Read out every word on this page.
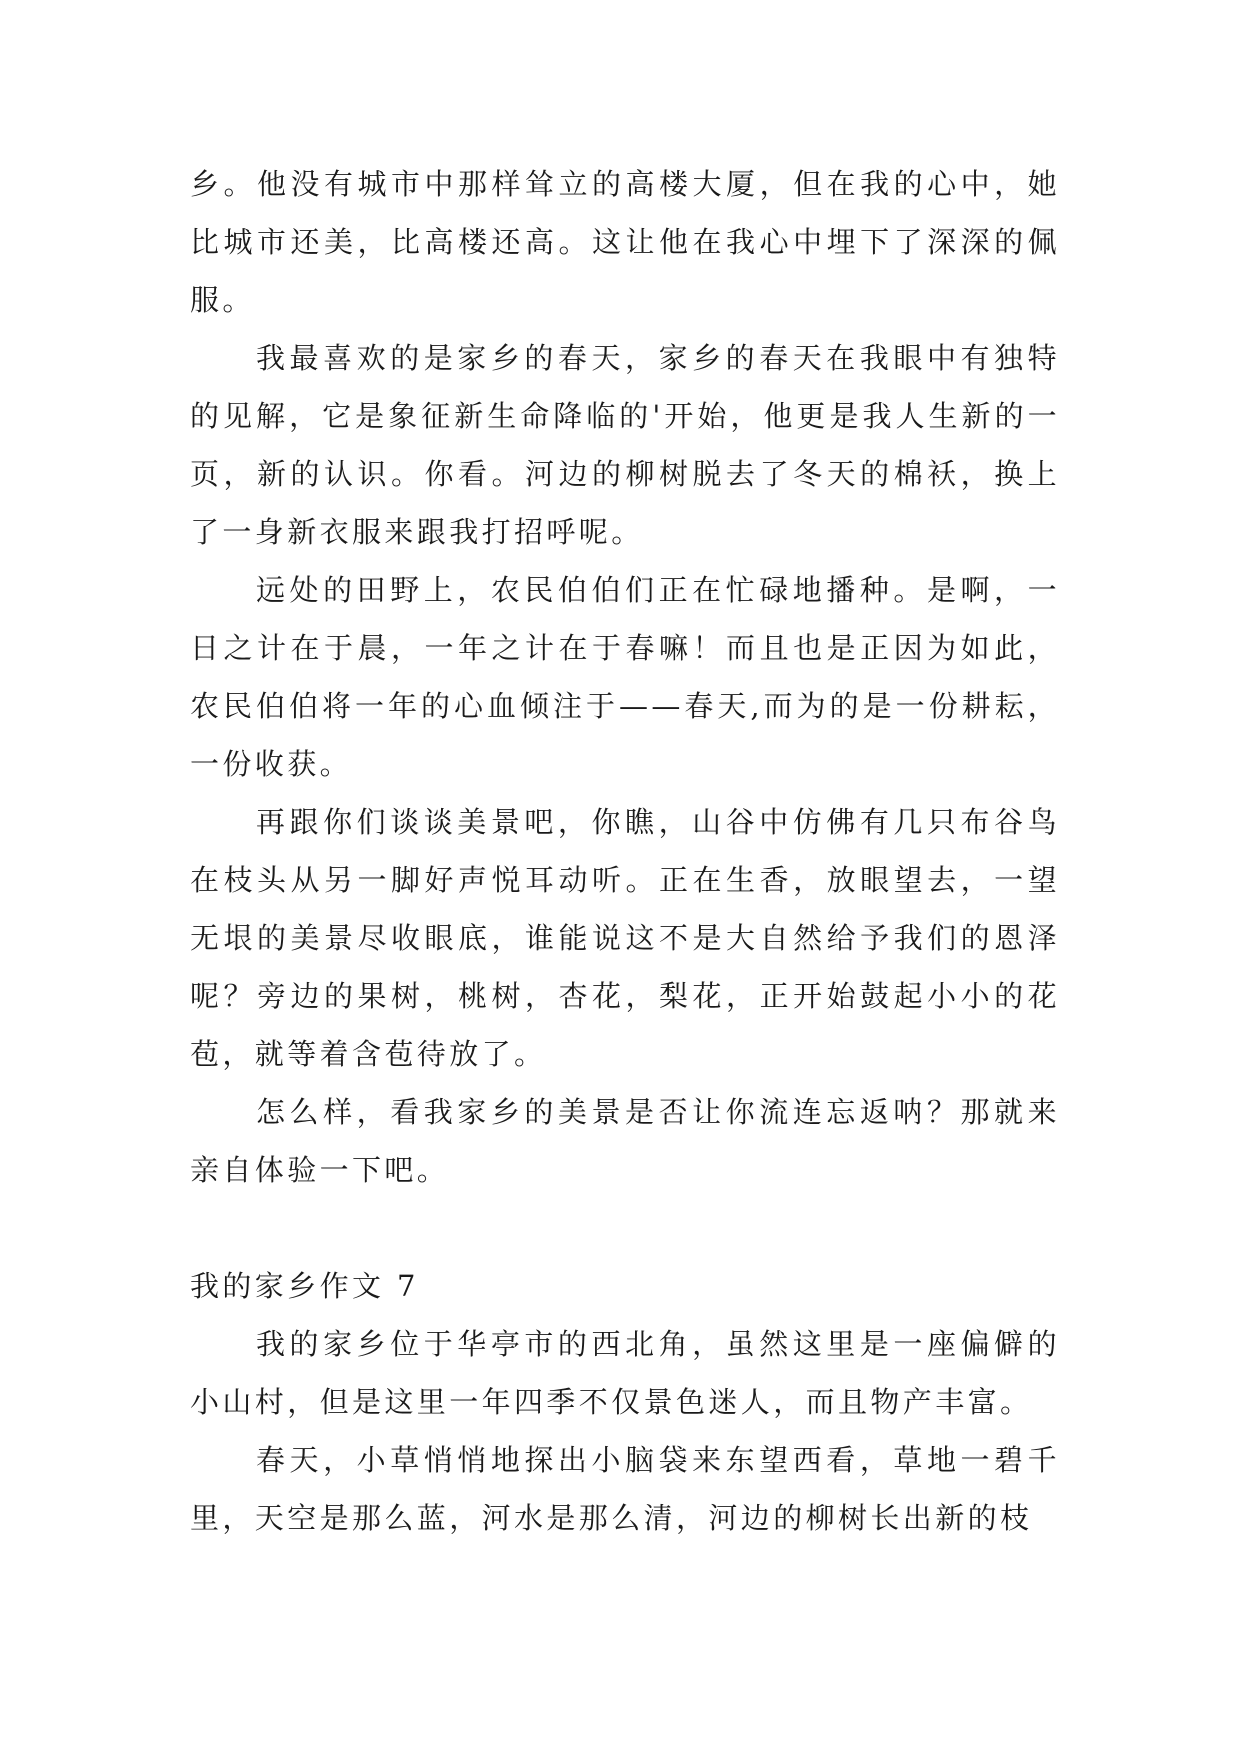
乡。他没有城市中那样耸立的高楼大厦，但在我的心中，她比城市还美，比高楼还高。这让他在我心中埋下了深深的佩服。

我最喜欢的是家乡的春天，家乡的春天在我眼中有独特的见解，它是象征新生命降临的'开始，他更是我人生新的一页，新的认识。你看。河边的柳树脱去了冬天的棉袄，换上了一身新衣服来跟我打招呼呢。

远处的田野上，农民伯伯们正在忙碌地播种。是啊，一日之计在于晨，一年之计在于春嘛！而且也是正因为如此，农民伯伯将一年的心血倾注于——春天,而为的是一份耕耘，一份收获。

再跟你们谈谈美景吧，你瞧，山谷中仿佛有几只布谷鸟在枝头从另一脚好声悦耳动听。正在生香，放眼望去，一望无垠的美景尽收眼底，谁能说这不是大自然给予我们的恩泽呢？旁边的果树，桃树，杏花，梨花，正开始鼓起小小的花苞，就等着含苞待放了。

怎么样，看我家乡的美景是否让你流连忘返呐？那就来亲自体验一下吧。

我的家乡作文 7

我的家乡位于华亭市的西北角，虽然这里是一座偏僻的小山村，但是这里一年四季不仅景色迷人，而且物产丰富。

春天，小草悄悄地探出小脑袋来东望西看，草地一碧千里，天空是那么蓝，河水是那么清，河边的柳树长出新的枝
